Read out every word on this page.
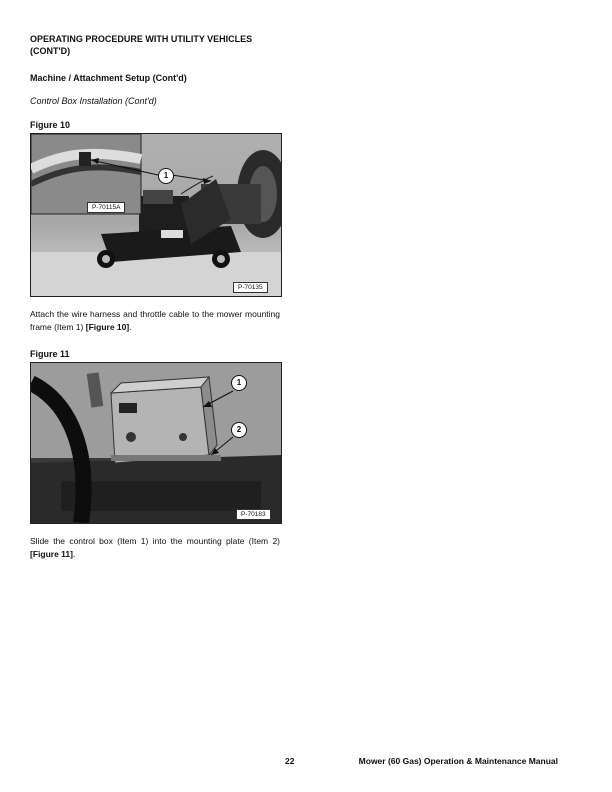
OPERATING PROCEDURE WITH UTILITY VEHICLES (CONT'D)
Machine / Attachment Setup (Cont'd)
Control Box Installation (Cont'd)
Figure 10
1
P-70115A
P-70135
Attach the wire harness and throttle cable to the mower mounting frame (Item 1) [Figure 10].
Figure 11
1
2
P-70183
Slide the control box (Item 1) into the mounting plate (Item 2) [Figure 11].
22	Mower (60 Gas) Operation & Maintenance Manual
